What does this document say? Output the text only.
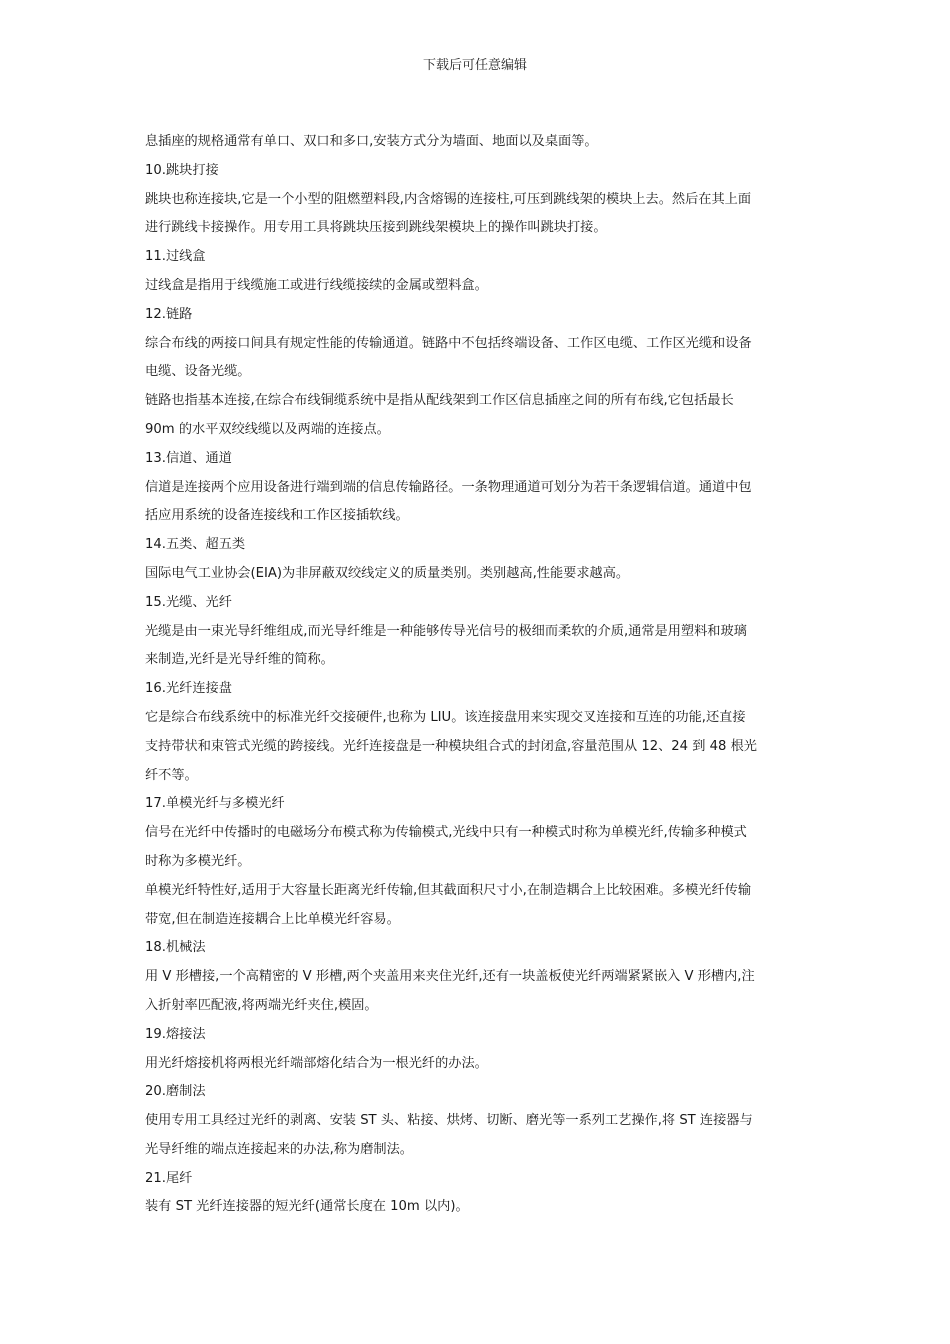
下载后可任意编辑
息插座的规格通常有单口、双口和多口,安装方式分为墙面、地面以及桌面等。
10.跳块打接
跳块也称连接块,它是一个小型的阻燃塑料段,内含熔锡的连接柱,可压到跳线架的模块上去。然后在其上面
进行跳线卡接操作。用专用工具将跳块压接到跳线架模块上的操作叫跳块打接。
11.过线盒
过线盒是指用于线缆施工或进行线缆接续的金属或塑料盒。
12.链路
综合布线的两接口间具有规定性能的传输通道。链路中不包括终端设备、工作区电缆、工作区光缆和设备
电缆、设备光缆。
链路也指基本连接,在综合布线铜缆系统中是指从配线架到工作区信息插座之间的所有布线,它包括最长
90m 的水平双绞线缆以及两端的连接点。
13.信道、通道
信道是连接两个应用设备进行端到端的信息传输路径。一条物理通道可划分为若干条逻辑信道。通道中包
括应用系统的设备连接线和工作区接插软线。
14.五类、超五类
国际电气工业协会(EIA)为非屏蔽双绞线定义的质量类别。类别越高,性能要求越高。
15.光缆、光纤
光缆是由一束光导纤维组成,而光导纤维是一种能够传导光信号的极细而柔软的介质,通常是用塑料和玻璃
来制造,光纤是光导纤维的简称。
16.光纤连接盘
它是综合布线系统中的标准光纤交接硬件,也称为 LIU。该连接盘用来实现交叉连接和互连的功能,还直接
支持带状和束管式光缆的跨接线。光纤连接盘是一种模块组合式的封闭盒,容量范围从 12、24 到 48 根光
纤不等。
17.单模光纤与多模光纤
信号在光纤中传播时的电磁场分布模式称为传输模式,光线中只有一种模式时称为单模光纤,传输多种模式
时称为多模光纤。
单模光纤特性好,适用于大容量长距离光纤传输,但其截面积尺寸小,在制造耦合上比较困难。多模光纤传输
带宽,但在制造连接耦合上比单模光纤容易。
18.机械法
用 V 形槽接,一个高精密的 V 形槽,两个夹盖用来夹住光纤,还有一块盖板使光纤两端紧紧嵌入 V 形槽内,注
入折射率匹配液,将两端光纤夹住,模固。
19.熔接法
用光纤熔接机将两根光纤端部熔化结合为一根光纤的办法。
20.磨制法
使用专用工具经过光纤的剥离、安装 ST 头、粘接、烘烤、切断、磨光等一系列工艺操作,将 ST 连接器与
光导纤维的端点连接起来的办法,称为磨制法。
21.尾纤
装有 ST 光纤连接器的短光纤(通常长度在 10m 以内)。
